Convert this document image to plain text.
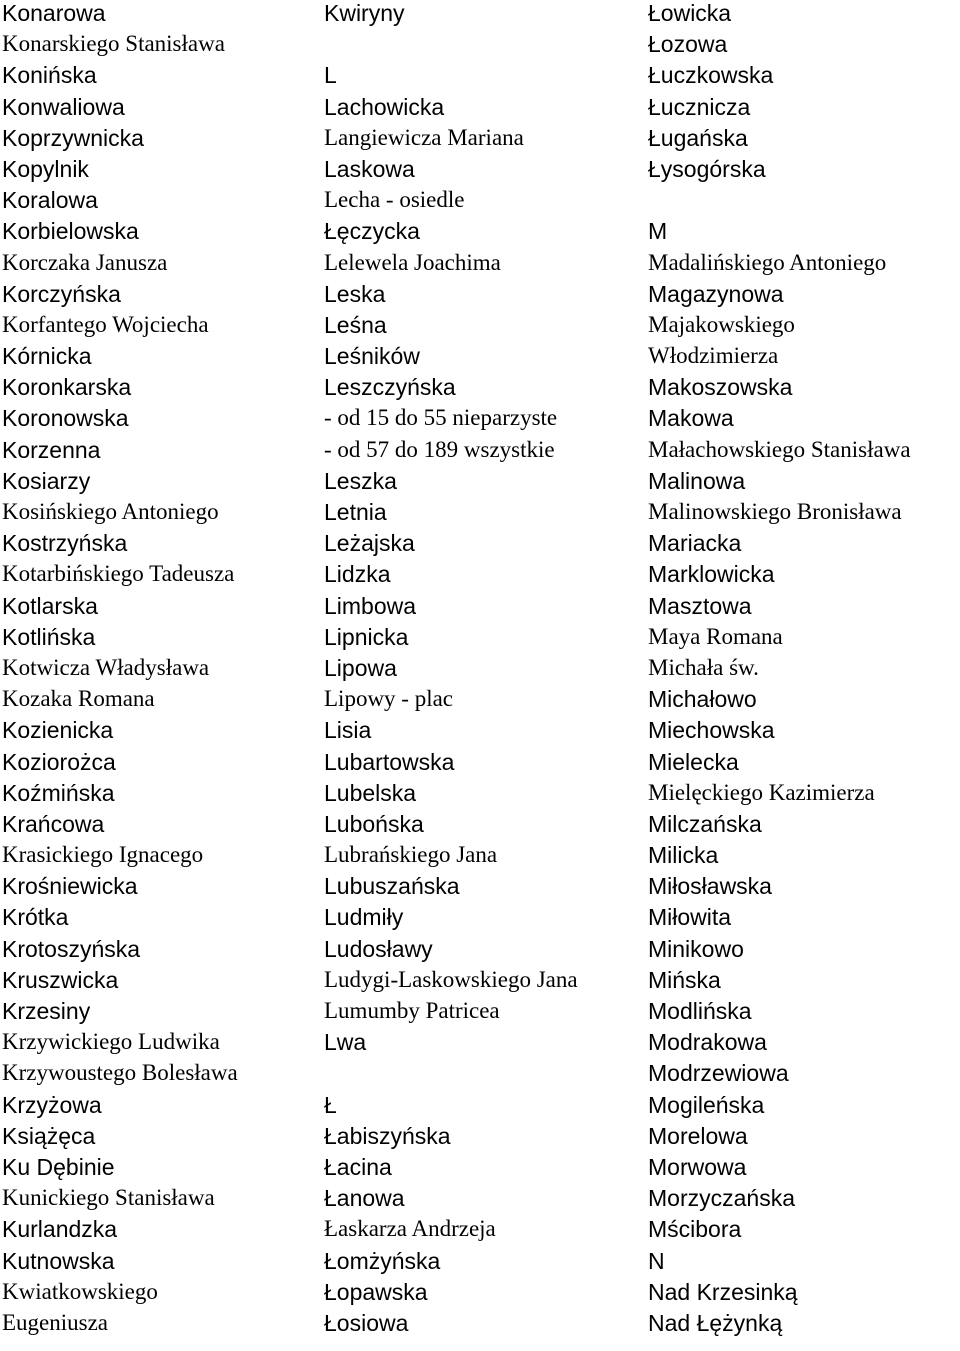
Konarowa
Konarskiego Stanisława
Konińska
Konwaliowa
Koprzywnicka
Kopylnik
Koralowa
Korbielowska
Korczaka Janusza
Korczyńska
Korfantego Wojciecha
Kórnicka
Koronkarska
Koronowska
Korzenna
Kosiarzy
Kosińskiego Antoniego
Kostrzyńska
Kotarbińskiego Tadeusza
Kotlarska
Kotlińska
Kotwicza Władysława
Kozaka Romana
Kozienicka
Koziorożca
Koźmińska
Krańcowa
Krasickiego Ignacego
Krośniewicka
Krótka
Krotoszyńska
Kruszwicka
Krzesiny
Krzywickiego Ludwika
Krzywoustego Bolesława
Krzyżowa
Książęca
Ku Dębinie
Kunickiego Stanisława
Kurlandzka
Kutnowska
Kwiatkowskiego
Eugeniusza
Kwiryny
L
Lachowicka
Langiewicza Mariana
Laskowa
Lecha - osiedle
Łęczycka
Lelewela Joachima
Leska
Leśna
Leśników
Leszczyńska
- od 15 do 55 nieparzyste
- od 57 do 189 wszystkie
Leszka
Letnia
Leżajska
Lidzka
Limbowa
Lipnicka
Lipowa
Lipowy - plac
Lisia
Lubartowska
Lubelska
Lubońska
Lubrańskiego Jana
Lubuszańska
Ludmiły
Ludosławy
Ludygi-Laskowskiego Jana
Lumumby Patricea
Lwa
Ł
Łabiszyńska
Łacina
Łanowa
Łaskarza Andrzeja
Łomżyńska
Łopawska
Łosiowa
Łowicka
Łozowa
Łuczkowska
Łucznicza
Ługańska
Łysogórska
M
Madalińskiego Antoniego
Magazynowa
Majakowskiego
Włodzimierza
Makoszowska
Makowa
Małachowskiego Stanisława
Malinowa
Malinowskiego Bronisława
Mariacka
Marklowicka
Masztowa
Maya Romana
Michała św.
Michałowo
Miechowska
Mielecka
Mielęckiego Kazimierza
Milczańska
Milicka
Miłosławska
Miłowita
Minikowo
Mińska
Modlińska
Modrakowa
Modrzewiowa
Mogileńska
Morelowa
Morwowa
Morzyczańska
Mścibora
N
Nad Krzesinką
Nad Łężynką
